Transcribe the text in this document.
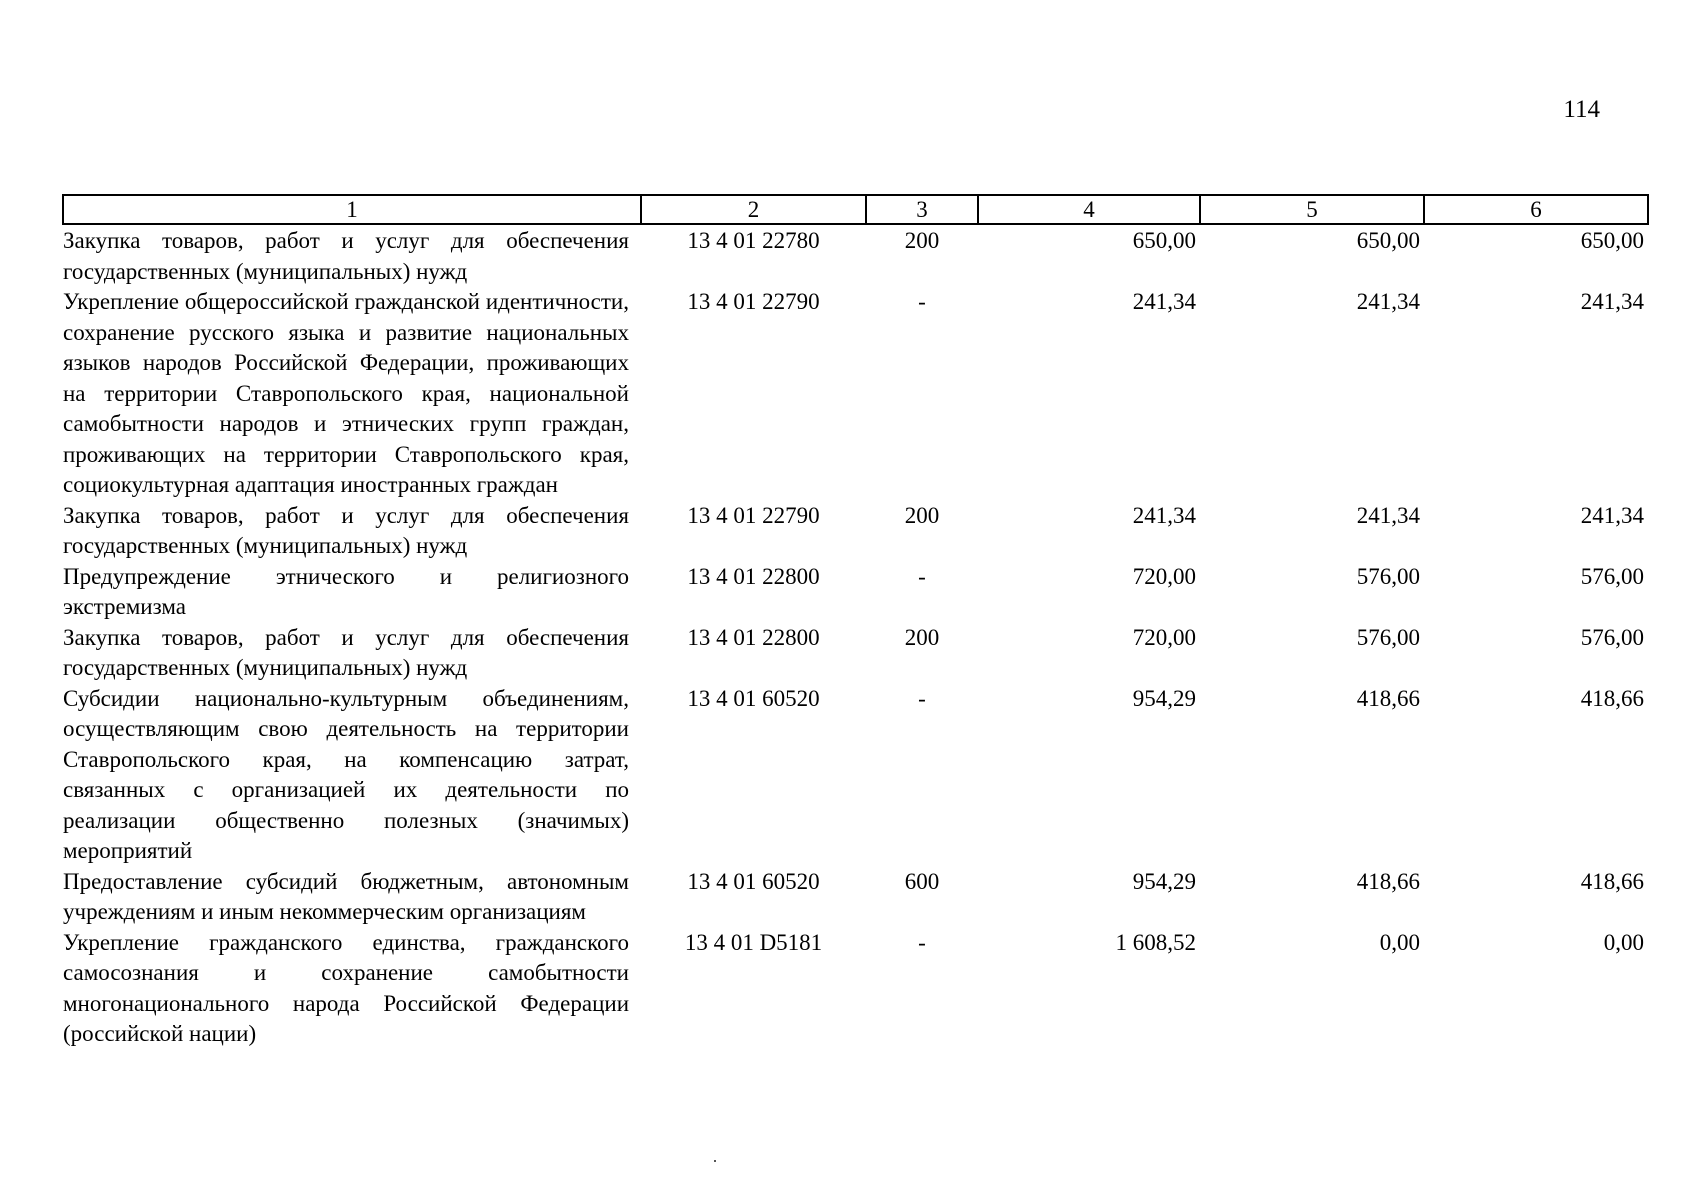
114
1	2	3	4	5	6
Закупка товаров, работ и услуг для обеспечения государственных (муниципальных) нужд	13 4 01 22780	200	650,00	650,00	650,00
Укрепление общероссийской гражданской идентичности, сохранение русского языка и развитие национальных языков народов Российской Федерации, проживающих на территории Ставропольского края, национальной самобытности народов и этнических групп граждан, проживающих на территории Ставропольского края, социокультурная адаптация иностранных граждан	13 4 01 22790	-	241,34	241,34	241,34
Закупка товаров, работ и услуг для обеспечения государственных (муниципальных) нужд	13 4 01 22790	200	241,34	241,34	241,34
Предупреждение этнического и религиозного экстремизма	13 4 01 22800	-	720,00	576,00	576,00
Закупка товаров, работ и услуг для обеспечения государственных (муниципальных) нужд	13 4 01 22800	200	720,00	576,00	576,00
Субсидии национально-культурным объединениям, осуществляющим свою деятельность на территории Ставропольского края, на компенсацию затрат, связанных с организацией их деятельности по реализации общественно полезных (значимых) мероприятий	13 4 01 60520	-	954,29	418,66	418,66
Предоставление субсидий бюджетным, автономным учреждениям и иным некоммерческим организациям	13 4 01 60520	600	954,29	418,66	418,66
Укрепление гражданского единства, гражданского самосознания и сохранение самобытности многонационального народа Российской Федерации (российской нации)	13 4 01 D5181	-	1 608,52	0,00	0,00
